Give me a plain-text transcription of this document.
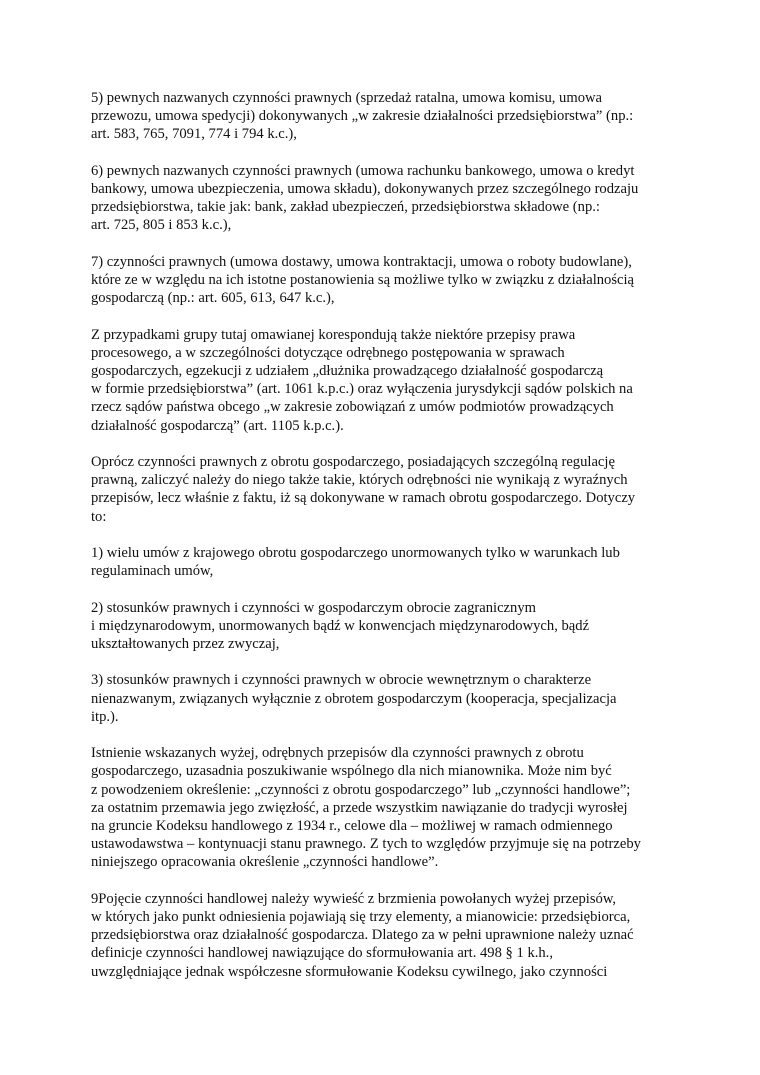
5) pewnych nazwanych czynności prawnych (sprzedaż ratalna, umowa komisu, umowa
przewozu, umowa spedycji) dokonywanych „w zakresie działalności przedsiębiorstwa” (np.:
art. 583, 765, 7091, 774 i 794 k.c.),

6) pewnych nazwanych czynności prawnych (umowa rachunku bankowego, umowa o kredyt
bankowy, umowa ubezpieczenia, umowa składu), dokonywanych przez szczególnego rodzaju
przedsiębiorstwa, takie jak: bank, zakład ubezpieczeń, przedsiębiorstwa składowe (np.:
art. 725, 805 i 853 k.c.),

7) czynności prawnych (umowa dostawy, umowa kontraktacji, umowa o roboty budowlane),
które ze w względu na ich istotne postanowienia są możliwe tylko w związku z działalnością
gospodarczą (np.: art. 605, 613, 647 k.c.),

Z przypadkami grupy tutaj omawianej korespondują także niektóre przepisy prawa
procesowego, a w szczególności dotyczące odrębnego postępowania w sprawach
gospodarczych, egzekucji z udziałem „dłużnika prowadzącego działalność gospodarczą
w formie przedsiębiorstwa” (art. 1061 k.p.c.) oraz wyłączenia jurysdykcji sądów polskich na
rzecz sądów państwa obcego „w zakresie zobowiązań z umów podmiotów prowadzących
działalność gospodarczą” (art. 1105 k.p.c.).

Oprócz czynności prawnych z obrotu gospodarczego, posiadających szczególną regulację
prawną, zaliczyć należy do niego także takie, których odrębności nie wynikają z wyraźnych
przepisów, lecz właśnie z faktu, iż są dokonywane w ramach obrotu gospodarczego. Dotyczy
to:

1) wielu umów z krajowego obrotu gospodarczego unormowanych tylko w warunkach lub
regulaminach umów,

2) stosunków prawnych i czynności w gospodarczym obrocie zagranicznym
i międzynarodowym, unormowanych bądź w konwencjach międzynarodowych, bądź
ukształtowanych przez zwyczaj,

3) stosunków prawnych i czynności prawnych w obrocie wewnętrznym o charakterze
nienazwanym, związanych wyłącznie z obrotem gospodarczym (kooperacja, specjalizacja
itp.).

Istnienie wskazanych wyżej, odrębnych przepisów dla czynności prawnych z obrotu
gospodarczego, uzasadnia poszukiwanie wspólnego dla nich mianownika. Może nim być
z powodzeniem określenie: „czynności z obrotu gospodarczego” lub „czynności handlowe”;
za ostatnim przemawia jego zwięzłość, a przede wszystkim nawiązanie do tradycji wyrosłej
na gruncie Kodeksu handlowego z 1934 r., celowe dla – możliwej w ramach odmiennego
ustawodawstwa – kontynuacji stanu prawnego. Z tych to względów przyjmuje się na potrzeby
niniejszego opracowania określenie „czynności handlowe”.

9Pojęcie czynności handlowej należy wywieść z brzmienia powołanych wyżej przepisów,
w których jako punkt odniesienia pojawiają się trzy elementy, a mianowicie: przedsiębiorca,
przedsiębiorstwa oraz działalność gospodarcza. Dlatego za w pełni uprawnione należy uznać
definicje czynności handlowej nawiązujące do sformułowania art. 498 § 1 k.h.,
uwzględniające jednak współczesne sformułowanie Kodeksu cywilnego, jako czynności
